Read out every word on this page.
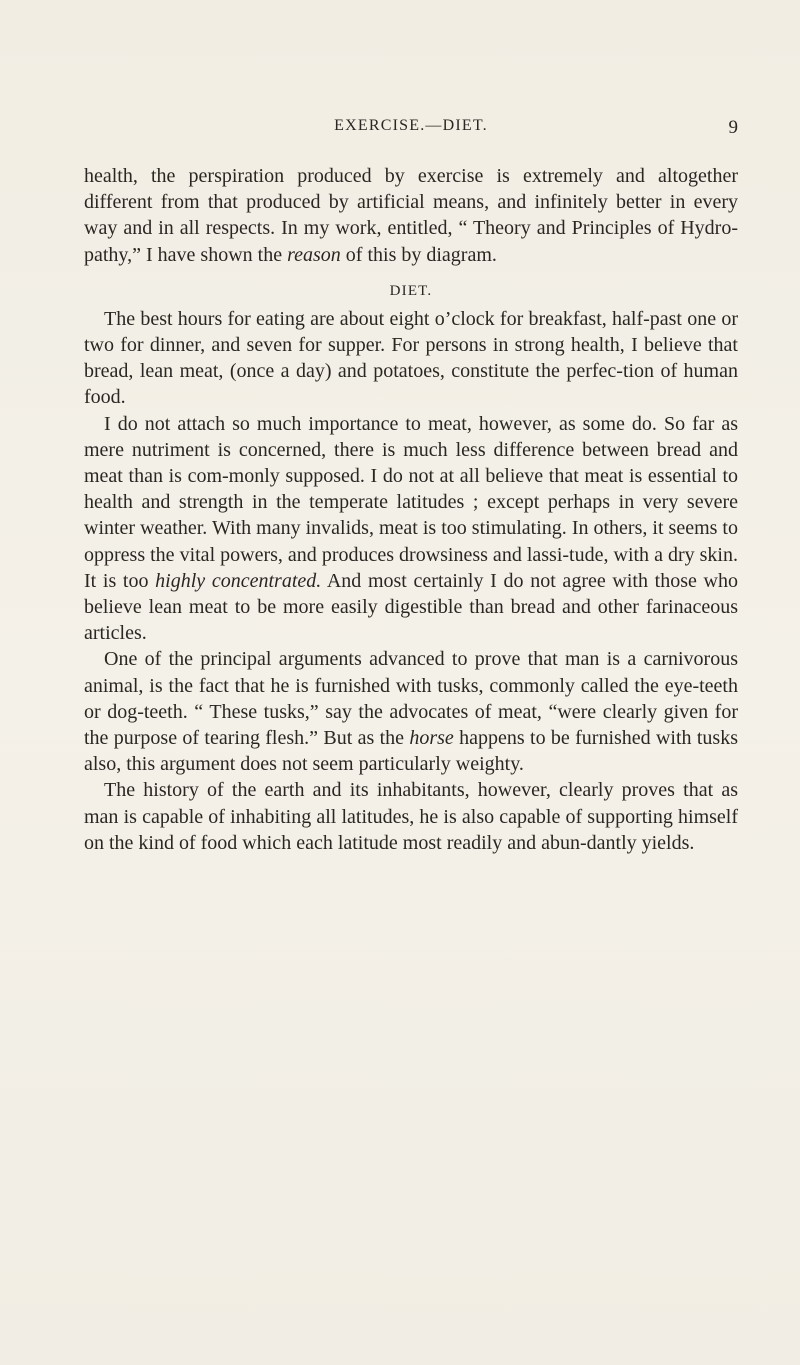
EXERCISE.—DIET.	9

health, the perspiration produced by exercise is extremely and altogether different from that produced by artificial means, and infinitely better in every way and in all respects. In my work, entitled, “ Theory and Principles of Hydro-pathy,” I have shown the reason of this by diagram.

DIET.

The best hours for eating are about eight o’clock for breakfast, half-past one or two for dinner, and seven for supper. For persons in strong health, I believe that bread, lean meat, (once a day) and potatoes, constitute the perfec-tion of human food.

I do not attach so much importance to meat, however, as some do. So far as mere nutriment is concerned, there is much less difference between bread and meat than is com-monly supposed. I do not at all believe that meat is essential to health and strength in the temperate latitudes ; except perhaps in very severe winter weather. With many invalids, meat is too stimulating. In others, it seems to oppress the vital powers, and produces drowsiness and lassi-tude, with a dry skin. It is too highly concentrated. And most certainly I do not agree with those who believe lean meat to be more easily digestible than bread and other farinaceous articles.

One of the principal arguments advanced to prove that man is a carnivorous animal, is the fact that he is furnished with tusks, commonly called the eye-teeth or dog-teeth. “ These tusks,” say the advocates of meat, “were clearly given for the purpose of tearing flesh.” But as the horse happens to be furnished with tusks also, this argument does not seem particularly weighty.

The history of the earth and its inhabitants, however, clearly proves that as man is capable of inhabiting all latitudes, he is also capable of supporting himself on the kind of food which each latitude most readily and abun-dantly yields.
